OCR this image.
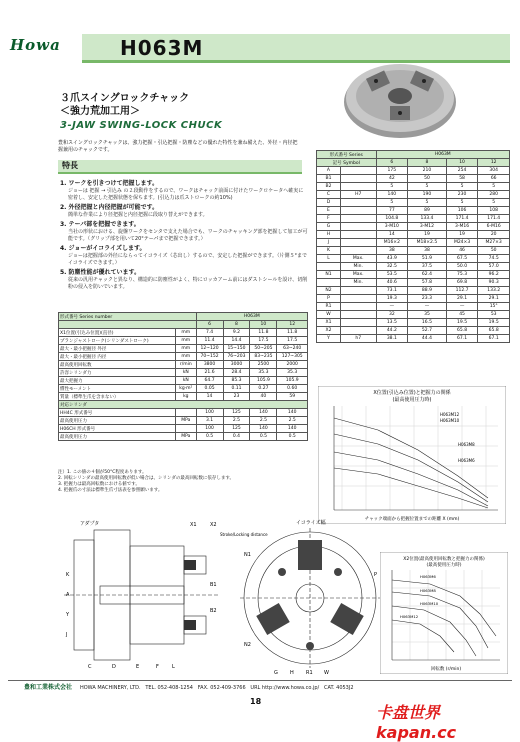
Howa	H063M
３爪スイングロックチャック
＜強力荒加工用＞
3-JAW SWING-LOCK CHUCK
豊和スイングロックチャックは、強力把握・引込把握・防塵などの優れた特性を兼ね備えた、外径・内径把握兼用のチャックです。
特長
1. ワークを引きつけて把握します。
ジョーは 把握 → 引込み の２段動作をするので、ワークはチャック前面に付けたワークロケータへ確実に密着し、安定した把握状態を保ちます。(引込力は爪ストロークの約10%)
2. 外径把握と内径把握が可能です。
簡単な作業により径把握と内径把握に段取り替えができます。
3. テーパ部を把握できます。
当社の形状における、旋盤ワークをセンタで支えた場合でも、ワークのチャッキング部を把握して加工が可能です。（グリップ部を用いて20°テーパまで把握できます。）
4. ジョーがイコライズします。
ジョーは把握部の外径にならってイコライズ（芯出し）するので、安定した把握ができます。（片側５°までイコライズできます。）
5. 防塵性能が優れています。
従来の汎用チャックと異なり、構造的に防塵性がよく、特にロッカアーム前にはダストシールを設け、切削粉の侵入を防いでいます。
形式番号 Series number		H063M			
		6	8	10	12
X1位置(引込み位置)(直径)	mm	7.4	9.2	11.8	11.8
プランジャストローク(シリンダストローク)	mm	11.4	14.4	17.5	17.5
最大・最小把握径 外径	mm	12~120	15~150	50~205	63~240
最大・最小把握径 内径	mm	70~152	76~203	83~235	127~305
最高使用回転数	r/min	3800	3000	2500	2000
許容シリンダ力	kN	21.6	28.4	35.3	35.3
最大把握力	kN	64.7	85.3	105.9	105.9
慣性モーメント	kg·m²	0.05	0.11	0.27	0.60
質量（標準生爪を含まない）	kg	14	23	40	59
対応シリンダ					
HH4C 形式番号		100	125	140	140
最高使用圧力	MPa	3.1	2.5	2.5	2.5
H06CH 形式番号		100	125	140	140
最高使用圧力	MPa	0.5	0.4	0.5	0.5
注）1. この値の４個が50°C程度あります。
2. 回転シリンダの最高使用回転数が低い場合は、シリンダの最高回転数に依存します。
3. 把握力は最高回転数における値です。
4. 把握爪の寸法は標準生爪寸法表を参照願います。
形式番号 Series		H063M			
記号 Symbol		6	8	10	12
A		175	210	254	304
B1		42	50	58	66
B2		5	5	5	5
C	H7	140	190	230	280
D		5	5	5	5
E		77	89	106	108
F		104.8	133.4	171.4	171.4
G		3-M10	3-M12	3-M16	6-M16
H		14	19	19	20
J		M16×2	M18×2.5	M24×3	M27×3
K		38	38	46	50
L	Max.	43.9	51.9	67.5	74.5
	Min.	32.5	37.5	50.0	57.0
N1	Max.	53.5	62.4	75.3	96.2
	Min.	40.6	57.8	69.8	90.3
N2		73.1	88.9	112.7	133.2
P		19.3	23.3	29.1	29.1
R1		—	—	—	15°
W		32	35	45	53
X1		13.5	16.5	19.5	19.5
X2		44.2	52.7	65.8	65.8
Y	h7	38.1	44.4	67.1	67.1
X位置(引込み位置)と把握力の関係
(最高使用圧力時)
H063M12
H063M10
H063M8
H063M6
チャック端面から把握位置までの距離 X (mm)
アダプタ	イコライズ幅
X1	X2
Stroke/Locking distance
A
B1
B2
C	D	E	F
G H
J
K
L
N1
N2
P
R1 W
Y
X2位置(最高使用回転数と把握力の関係)
(最高使用圧力時)
H063M6
H063M8
H063M10
H063M12
回転数 (r/min)
豊和工業株式会社 HOWA MACHINERY, LTD. TEL. 052-408-1254 FAX. 052-409-3766 URL http://www.howa.co.jp/ CAT. 4053J2
18
卡盘世界 kapan.cc
